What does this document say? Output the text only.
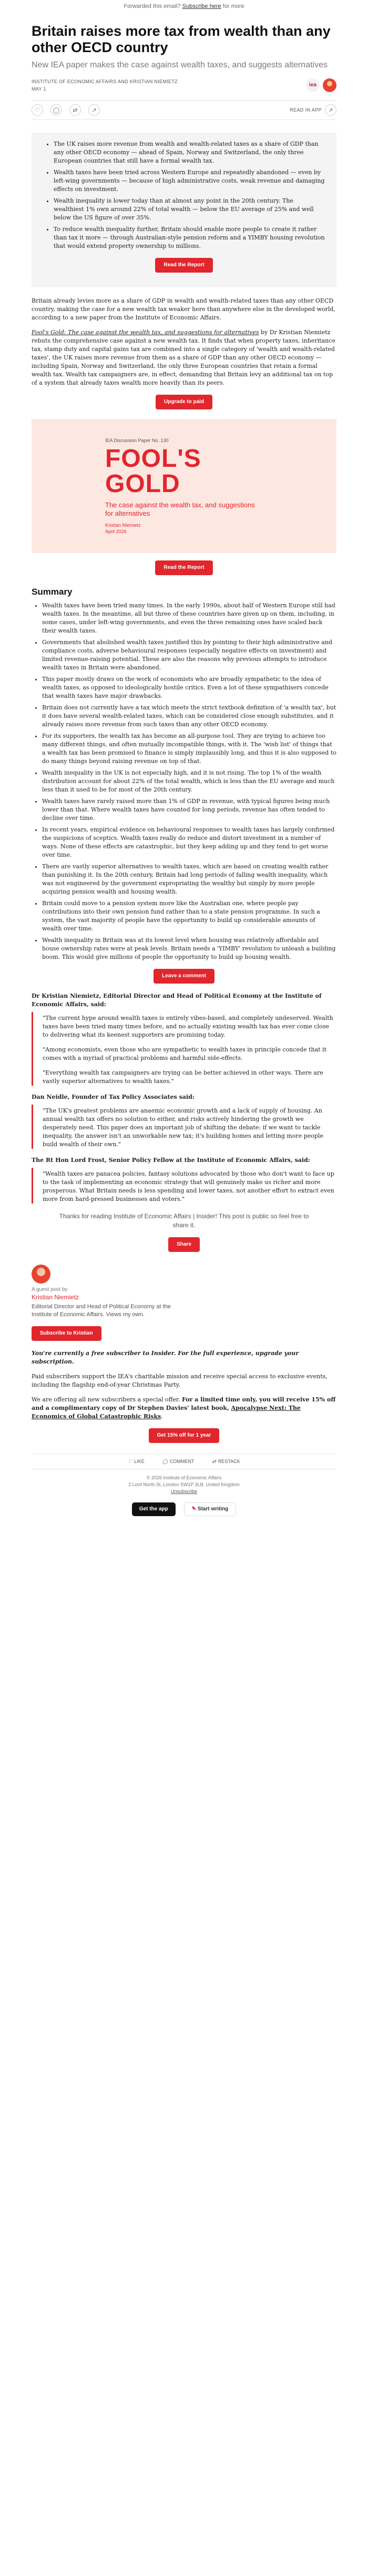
Forwarded this email? Subscribe here for more
Britain raises more tax from wealth than any other OECD country
New IEA paper makes the case against wealth taxes, and suggests alternatives
INSTITUTE OF ECONOMIC AFFAIRS AND KRISTIAN NIEMIETZ
MAY 1
iea
♡	◯	⇄	↗	READ IN APP	↗
• The UK raises more revenue from wealth and wealth-related taxes as a share of GDP than any other OECD economy — ahead of Spain, Norway and Switzerland, the only three European countries that still have a formal wealth tax.
• Wealth taxes have been tried across Western Europe and repeatedly abandoned — even by left-wing governments — because of high administrative costs, weak revenue and damaging effects on investment.
• Wealth inequality is lower today than at almost any point in the 20th century. The wealthiest 1% own around 22% of total wealth — below the EU average of 25% and well below the US figure of over 35%.
• To reduce wealth inequality further, Britain should enable more people to create it rather than tax it more — through Australian-style pension reform and a YIMBY housing revolution that would extend property ownership to millions.
Read the Report

Britain already levies more as a share of GDP in wealth and wealth-related taxes than any other OECD country, making the case for a new wealth tax weaker here than anywhere else in the developed world, according to a new paper from the Institute of Economic Affairs.

Fool's Gold: The case against the wealth tax, and suggestions for alternatives by Dr Kristian Niemietz rebuts the comprehensive case against a new wealth tax. It finds that when property taxes, inheritance tax, stamp duty and capital gains tax are combined into a single category of 'wealth and wealth-related taxes', the UK raises more revenue from them as a share of GDP than any other OECD economy — including Spain, Norway and Switzerland, the only three European countries that retain a formal wealth tax. Wealth tax campaigners are, in effect, demanding that Britain levy an additional tax on top of a system that already taxes wealth more heavily than its peers.

Upgrade to paid
IEA Discussion Paper No. 130
FOOL'S GOLD
The case against the wealth tax, and suggestions for alternatives
Kristian Niemietz
April 2026
Read the Report
Summary
• Wealth taxes have been tried many times. In the early 1990s, about half of Western Europe still had wealth taxes. In the meantime, all but three of these countries have given up on them, including, in some cases, under left-wing governments, and even the three remaining ones have scaled back their wealth taxes.
• Governments that abolished wealth taxes justified this by pointing to their high administrative and compliance costs, adverse behavioural responses (especially negative effects on investment) and limited revenue-raising potential. These are also the reasons why previous attempts to introduce wealth taxes in Britain were abandoned.
• This paper mostly draws on the work of economists who are broadly sympathetic to the idea of wealth taxes, as opposed to ideologically hostile critics. Even a lot of these sympathisers concede that wealth taxes have major drawbacks.
• Britain does not currently have a tax which meets the strict textbook definition of 'a wealth tax', but it does have several wealth-related taxes, which can be considered close enough substitutes, and it already raises more revenue from such taxes than any other OECD economy.
• For its supporters, the wealth tax has become an all-purpose tool. They are trying to achieve too many different things, and often mutually incompatible things, with it. The 'wish list' of things that a wealth tax has been promised to finance is simply implausibly long, and thus it is also supposed to do many things beyond raising revenue on top of that.
• Wealth inequality in the UK is not especially high, and it is not rising. The top 1% of the wealth distribution account for about 22% of the total wealth, which is less than the EU average and much less than it used to be for most of the 20th century.
• Wealth taxes have rarely raised more than 1% of GDP in revenue, with typical figures being much lower than that. Where wealth taxes have counted for long periods, revenue has often tended to decline over time.
• In recent years, empirical evidence on behavioural responses to wealth taxes has largely confirmed the suspicions of sceptics. Wealth taxes really do reduce and distort investment in a number of ways. None of these effects are catastrophic, but they keep adding up and they tend to get worse over time.
• There are vastly superior alternatives to wealth taxes, which are based on creating wealth rather than punishing it. In the 20th century, Britain had long periods of falling wealth inequality, which was not engineered by the government expropriating the wealthy but simply by more people acquiring pension wealth and housing wealth.
• Britain could move to a pension system more like the Australian one, where people pay contributions into their own pension fund rather than to a state pension programme. In such a system, the vast majority of people have the opportunity to build up considerable amounts of wealth over time.
• Wealth inequality in Britain was at its lowest level when housing was relatively affordable and house ownership rates were at peak levels. Britain needs a 'YIMBY' revolution to unleash a building boom. This would give millions of people the opportunity to build up housing wealth.
Leave a comment
Dr Kristian Niemietz, Editorial Director and Head of Political Economy at the Institute of Economic Affairs, said:

"The current hype around wealth taxes is entirely vibes-based, and completely undeserved. Wealth taxes have been tried many times before, and no actually existing wealth tax has ever come close to delivering what its keenest supporters are promising today.

"Among economists, even those who are sympathetic to wealth taxes in principle concede that it comes with a myriad of practical problems and harmful side-effects.

"Everything wealth tax campaigners are trying can be better achieved in other ways. There are vastly superior alternatives to wealth taxes."

Dan Neidle, Founder of Tax Policy Associates said:

"The UK's greatest problems are anaemic economic growth and a lack of supply of housing. An annual wealth tax offers no solution to either, and risks actively hindering the growth we desperately need. This paper does an important job of shifting the debate: if we want to tackle inequality, the answer isn't an unworkable new tax; it's building homes and letting more people build wealth of their own."

The Rt Hon Lord Frost, Senior Policy Fellow at the Institute of Economic Affairs, said:

"Wealth taxes are panacea policies, fantasy solutions advocated by those who don't want to face up to the task of implementing an economic strategy that will genuinely make us richer and more prosperous. What Britain needs is less spending and lower taxes, not another effort to extract even more from hard-pressed businesses and voters."

Thanks for reading Institute of Economic Affairs | Insider! This post is public so feel free to share it.
Share
A guest post by
Kristian Niemietz
Editorial Director and Head of Political Economy at the Institute of Economic Affairs. Views my own.
Subscribe to Kristian

You're currently a free subscriber to Insider. For the full experience, upgrade your subscription.

Paid subscribers support the IEA's charitable mission and receive special access to exclusive events, including the flagship end-of-year Christmas Party.

We are offering all new subscribers a special offer. For a limited time only, you will receive 15% off and a complimentary copy of Dr Stephen Davies' latest book, Apocalypse Next: The Economics of Global Catastrophic Risks.

Get 15% off for 1 year
♡ LIKE	◯ COMMENT	⇄ RESTACK
© 2026 Institute of Economic Affairs
2 Lord North St, London SW1P 3LB, United Kingdom
Unsubscribe
Get the app	✎ Start writing
